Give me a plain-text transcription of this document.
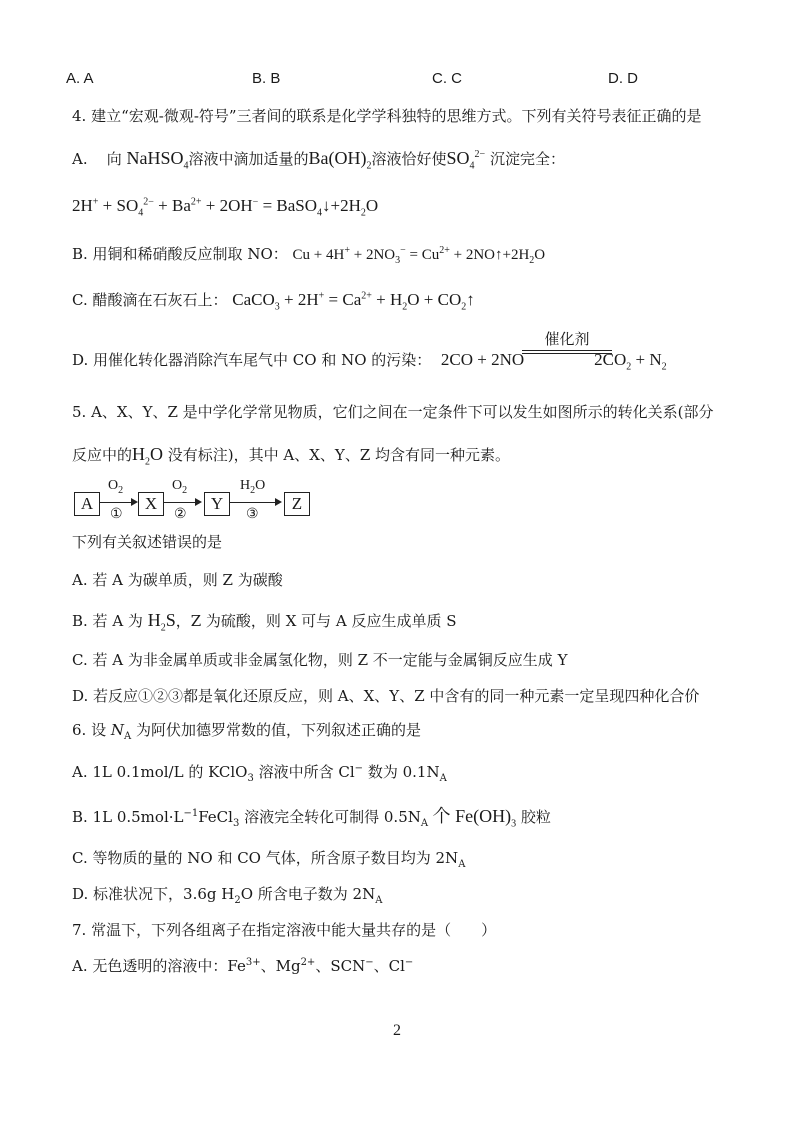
A. A	B. B	C. C	D. D
4. 建立“宏观-微观-符号”三者间的联系是化学学科独特的思维方式。下列有关符号表征正确的是
A. 向 NaHSO$_4$溶液中滴加适量的$Ba(OH)_2$溶液恰好使$SO_4^{2-}$ 沉淀完全：
$2H^+ + SO_4^{2-} + Ba^{2+} + 2OH^-$ = $BaSO_4↓+2H_2O$
B. 用铜和稀硝酸反应制取 NO： $Cu + 4H^+ + 2NO_3^- = Cu^{2+}$ + $2NO↑+2H_2O$
C. 醋酸滴在石灰石上： CaCO$_3$ + $2H^+ = Ca^{2+} + H_2O$ + $CO_2↑$
D. 用催化转化器消除汽车尾气中 CO 和 NO 的污染： 2CO + 2NO	$2CO_2 + N_2$
催化剂
5. A、X、Y、Z 是中学化学常见物质，它们之间在一定条件下可以发生如图所示的转化关系(部分
反应中的$H_2O$ 没有标注)，其中 A、X、Y、Z 均含有同一种元素。
A
$O_2$
①
X
$O_2$
②
Y
$H_2O$
③
Z
下列有关叙述错误的是
A. 若 A 为碳单质，则 Z 为碳酸
B. 若 A 为 $H_2S$，Z 为硫酸，则 X 可与 A 反应生成单质 S
C. 若 A 为非金属单质或非金属氢化物，则 Z 不一定能与金属铜反应生成 Y
D. 若反应①②③都是氧化还原反应，则 A、X、Y、Z 中含有的同一种元素一定呈现四种化合价
6. 设 $N_A$ 为阿伏加德罗常数的值，下列叙述正确的是
A. 1L 0.1mol/L 的 KClO$_3$ 溶液中所含 Cl− 数为 $0.1N_A$
B. 1L $0.5mol\cdot L^{-1}FeCl_3$ 溶液完全转化可制得 $0.5N_A$ 个 $Fe(OH)_3$ 胶粒
C. 等物质的量的 NO 和 CO 气体，所含原子数目均为 $2N_A$
D. 标准状况下，3.6g $H_2O$ 所含电子数为 $2N_A$
7. 常温下，下列各组离子在指定溶液中能大量共存的是（　　）
A. 无色透明的溶液中：$Fe^{3+}$、$Mg^{2+}$、SCN−、Cl−
2
